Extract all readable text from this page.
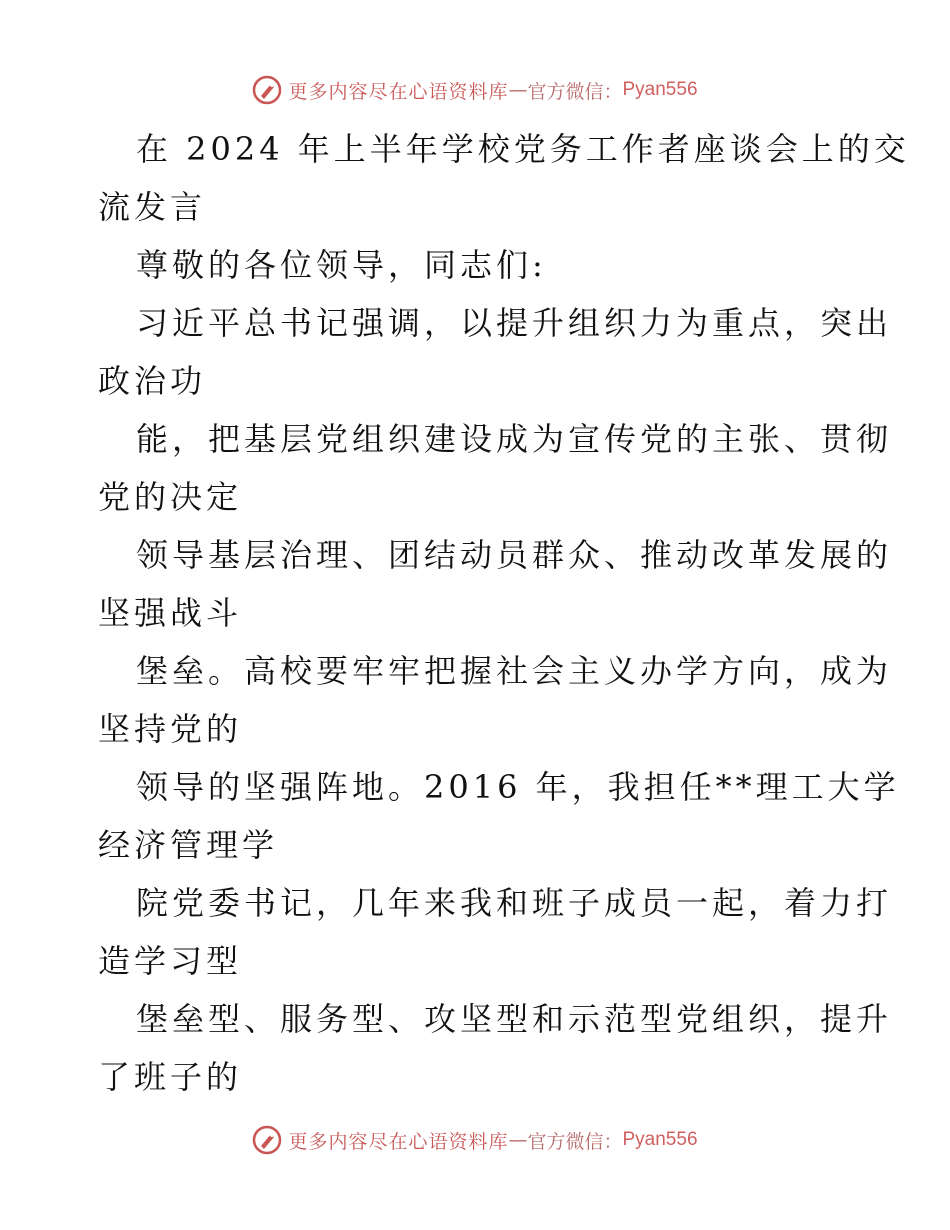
更多内容尽在心语资料库 — 官方微信： Pyan556
在 2024 年上半年学校党务工作者座谈会上的交
流发言
尊敬的各位领导，同志们:
习近平总书记强调，以提升组织力为重点，突出
政治功
能，把基层党组织建设成为宣传党的主张、贯彻
党的决定
领导基层治理、团结动员群众、推动改革发展的
坚强战斗
堡垒。高校要牢牢把握社会主义办学方向，成为
坚持党的
领导的坚强阵地。2016 年，我担任**理工大学
经济管理学
院党委书记，几年来我和班子成员一起，着力打
造学习型
堡垒型、服务型、攻坚型和示范型党组织，提升
了班子的
更多内容尽在心语资料库 — 官方微信： Pyan556
